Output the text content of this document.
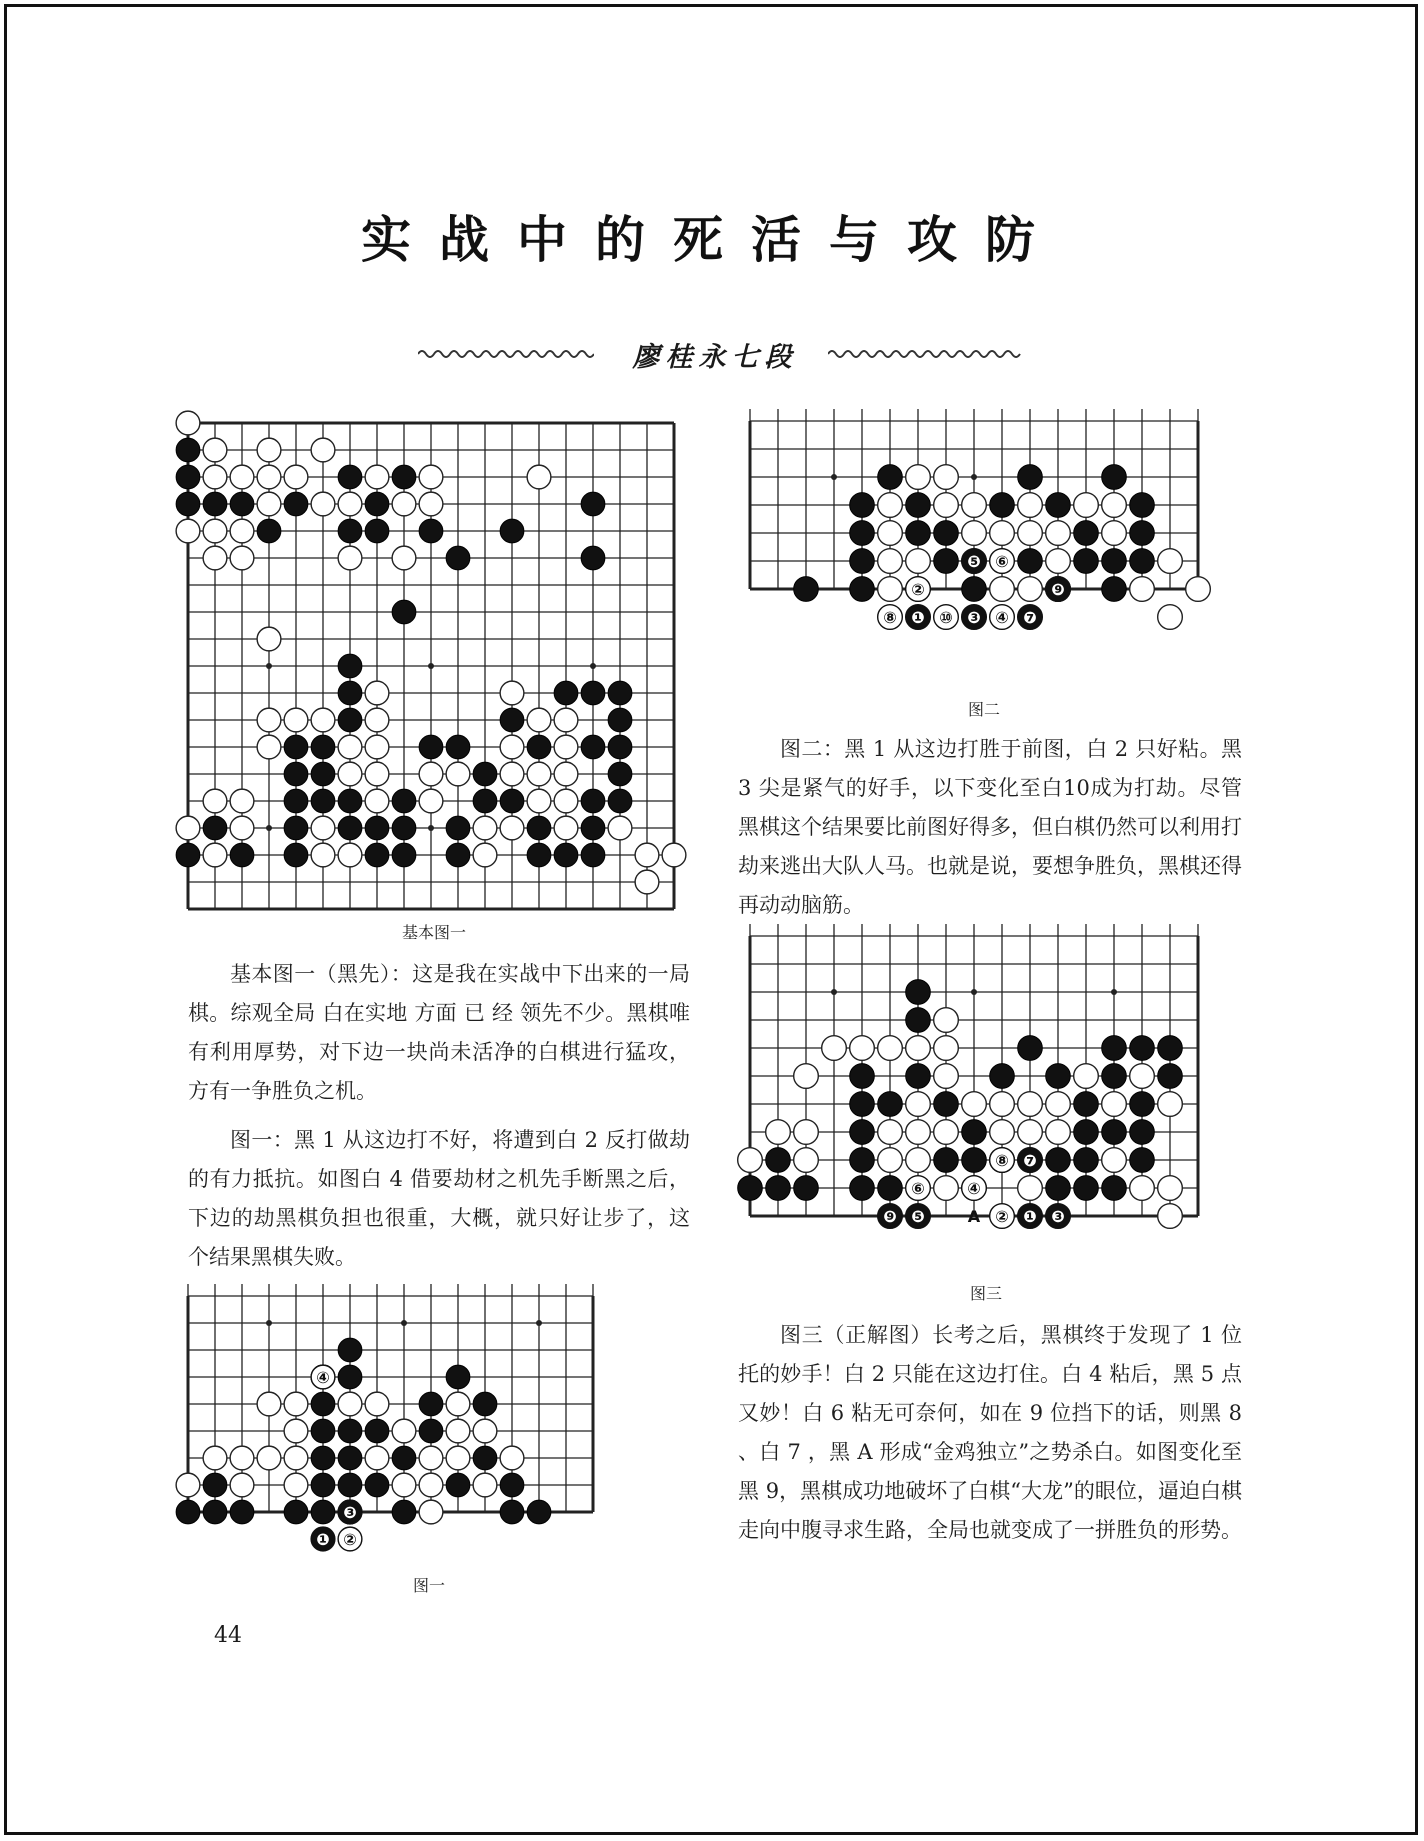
实战中的死活与攻防
廖桂永七段
基本图一

基本图一（黑先）：这是我在实战中下出来的一局棋。综观全局 白在实地 方面 已 经 领先不少。黑棋唯有利用厚势，对下边一块尚未活净的白棋进行猛攻，方有一争胜负之机。

图一：黑 1 从这边打不好，将遭到白 2 反打做劫的有力抵抗。如图白 4 借要劫材之机先手断黑之后，下边的劫黑棋负担也很重，大概，就只好让步了，这个结果黑棋失败。

④
❸
❶ ②
图一
②
⑧ ❶ ⑩ ❸ ④ ❼
❺ ⑥
❾
图二

图二：黑 1 从这边打胜于前图，白 2 只好粘。黑 3 尖是紧气的好手，以下变化至白10成为打劫。尽管黑棋这个结果要比前图好得多，但白棋仍然可以利用打劫来逃出大队人马。也就是说，要想争胜负，黑棋还得再动动脑筋。

⑥	④
⑧ ❼
❾ ❺	A ② ❶ ❸
图三

图三（正解图）长考之后，黑棋终于发现了 1 位托的妙手！白 2 只能在这边打住。白 4 粘后，黑 5 点又妙！白 6 粘无可奈何，如在 9 位挡下的话，则黑 8 、白 7 ，黑 A 形成“金鸡独立”之势杀白。如图变化至黑 9，黑棋成功地破坏了白棋“大龙”的眼位，逼迫白棋走向中腹寻求生路，全局也就变成了一拼胜负的形势。

44
